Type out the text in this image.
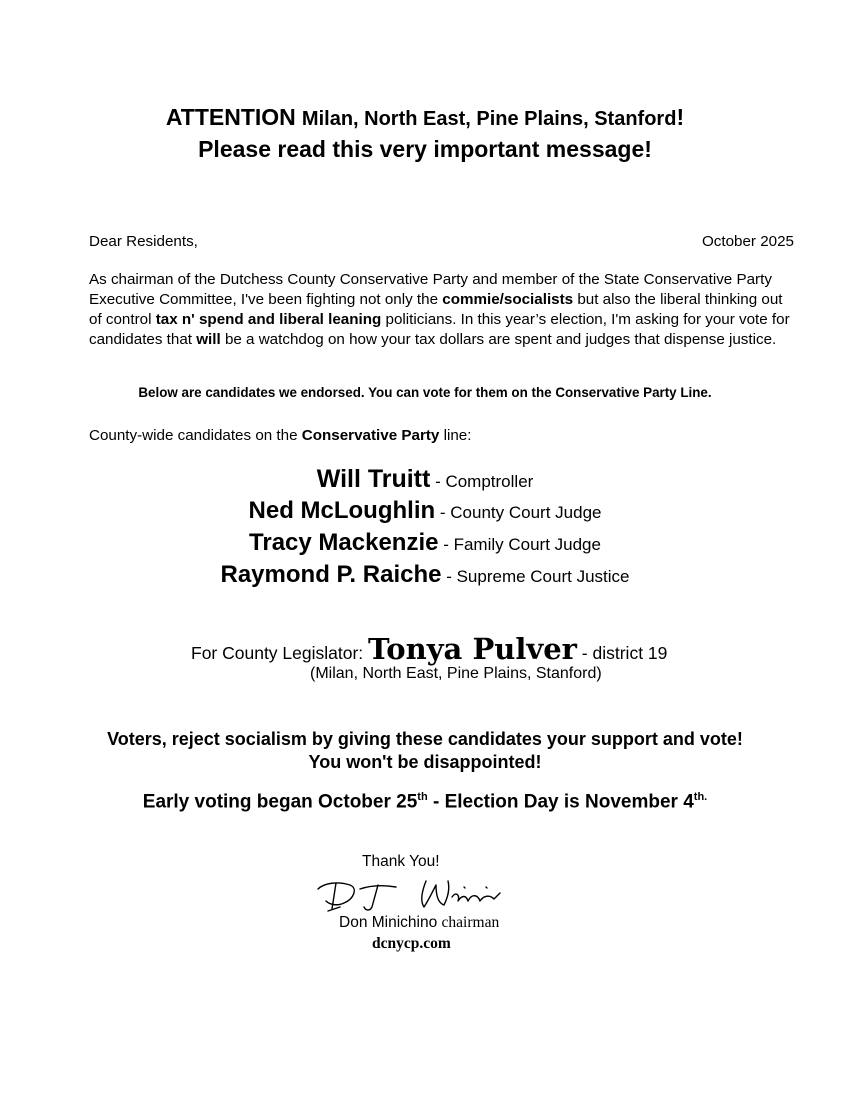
ATTENTION Milan, North East, Pine Plains, Stanford!
Please read this very important message!
Dear Residents,	October 2025
As chairman of the Dutchess County Conservative Party and member of the State Conservative Party Executive Committee, I've been fighting not only the commie/socialists but also the liberal thinking out of control tax n' spend and liberal leaning politicians. In this year’s election, I'm asking for your vote for candidates that will be a watchdog on how your tax dollars are spent and judges that dispense justice.
Below are candidates we endorsed. You can vote for them on the Conservative Party Line.
County-wide candidates on the Conservative Party line:
Will Truitt - Comptroller
Ned McLoughlin - County Court Judge
Tracy Mackenzie - Family Court Judge
Raymond P. Raiche - Supreme Court Justice
For County Legislator: Tonya Pulver - district 19
(Milan, North East, Pine Plains, Stanford)
Voters, reject socialism by giving these candidates your support and vote!
You won't be disappointed!
Early voting began October 25th - Election Day is November $4^{th.}$
Thank You!
Don Minichino chairman
dcnycp.com
